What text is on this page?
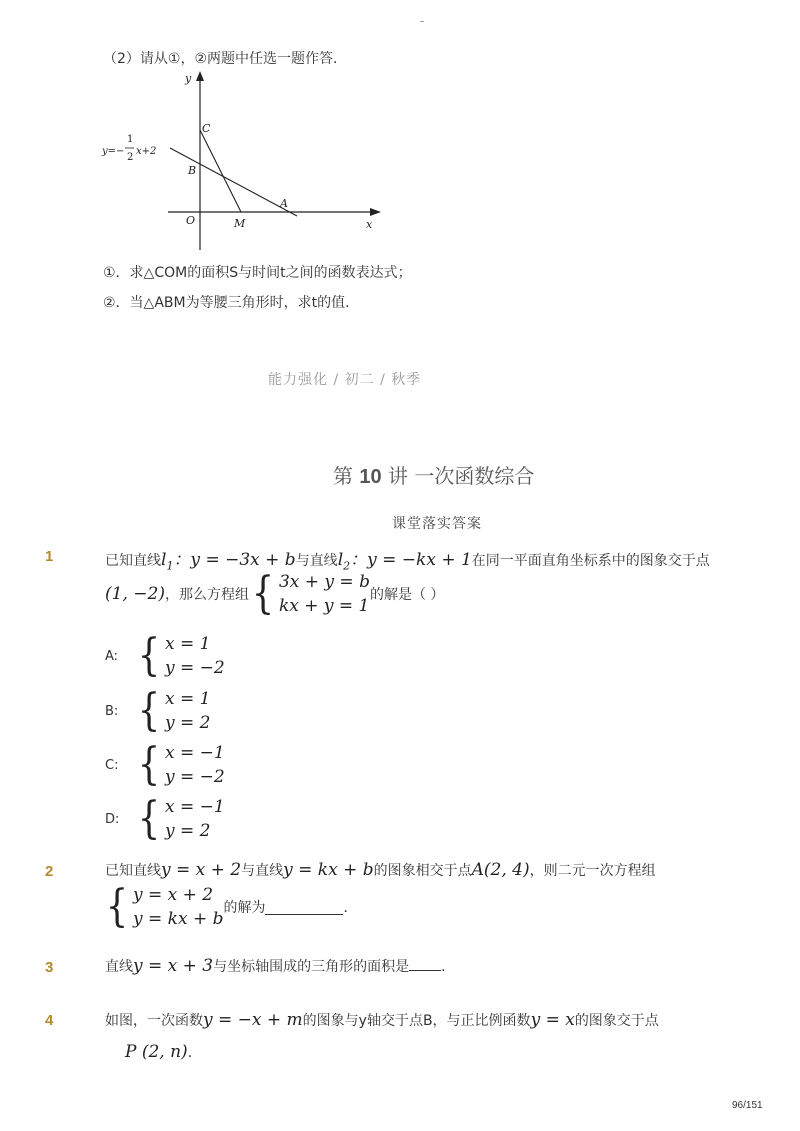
-
（2）请从①，②两题中任选一题作答．
y
x
O
C
B
A
M
y=−
1
2
x+2
①．求△COM的面积S与时间t之间的函数表达式；
②．当△ABM为等腰三角形时，求t的值．
能力强化 / 初二 / 秋季
第 10 讲 一次函数综合
课堂落实答案
1	已知直线$l_1$：y = −3x + b与直线$l_2$：y = −kx + 1在同一平面直角坐标系中的图象交于点
(1, −2) ，那么方程组 { 3x + y = b
kx + y = 1
的解是（ ）
A: { x = 1
y = −2
B: { x = 1
y = 2
C: { x = −1
y = −2
D: { x = −1
y = 2
2	已知直线y = x + 2与直线y = kx + b的图象相交于点A(2, 4)，则二元一次方程组
{ y = x + 2
y = kx + b
的解为	．
3	直线y = x + 3与坐标轴围成的三角形的面积是 ．
4	如图，一次函数y = −x + m的图象与y轴交于点B，与正比例函数y = x的图象交于点
P (2, n)．
96/151
